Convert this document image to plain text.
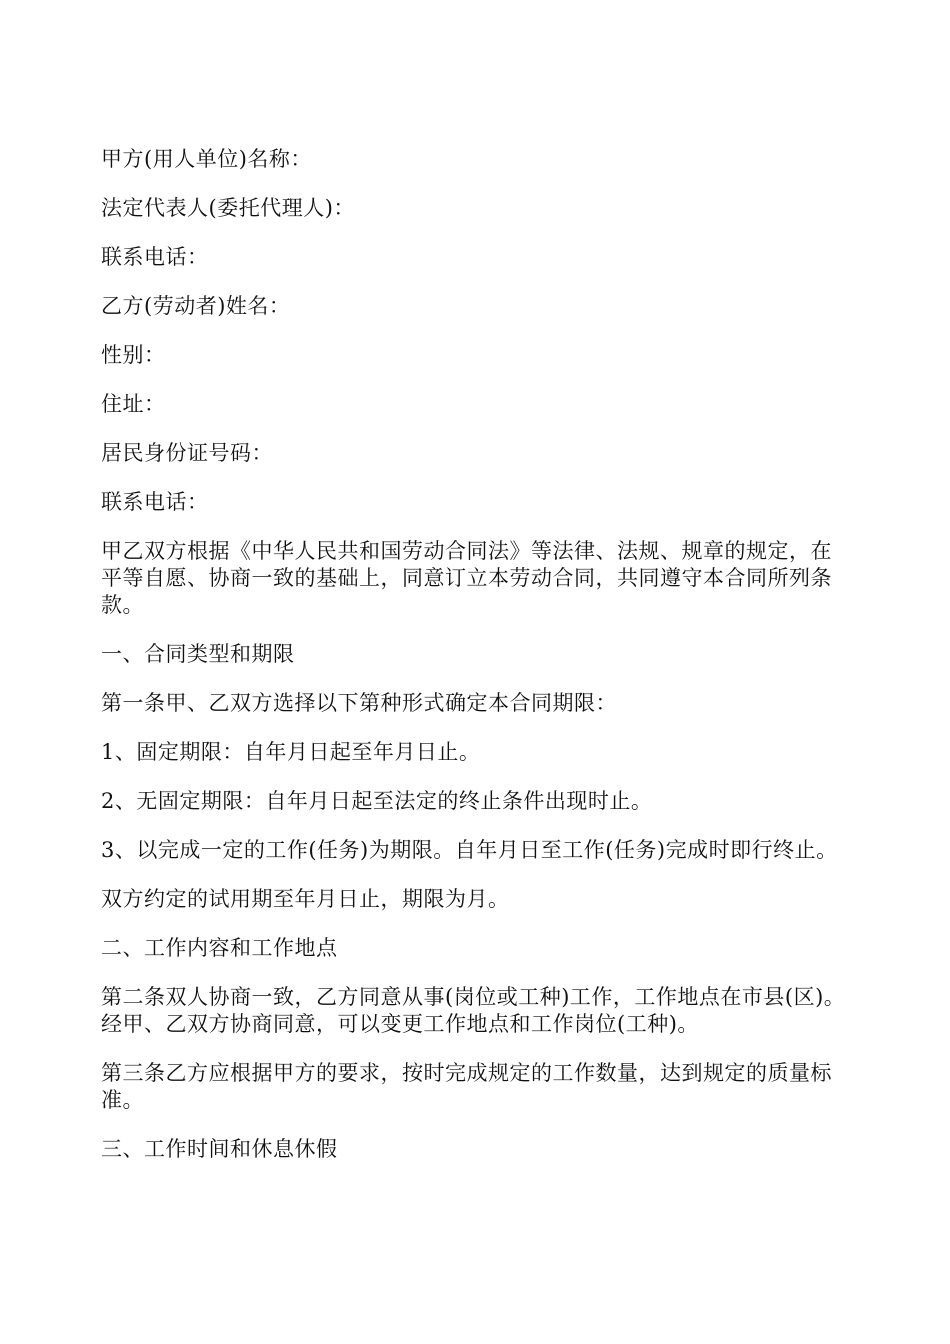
甲方(用人单位)名称：

法定代表人(委托代理人)：

联系电话：

乙方(劳动者)姓名：

性别：

住址：

居民身份证号码：

联系电话：

甲乙双方根据《中华人民共和国劳动合同法》等法律、法规、规章的规定，在平等自愿、协商一致的基础上，同意订立本劳动合同，共同遵守本合同所列条款。

一、合同类型和期限

第一条甲、乙双方选择以下第种形式确定本合同期限：

1、固定期限：自年月日起至年月日止。

2、无固定期限：自年月日起至法定的终止条件出现时止。

3、以完成一定的工作(任务)为期限。自年月日至工作(任务)完成时即行终止。

双方约定的试用期至年月日止，期限为月。

二、工作内容和工作地点

第二条双人协商一致，乙方同意从事(岗位或工种)工作，工作地点在市县(区)。经甲、乙双方协商同意，可以变更工作地点和工作岗位(工种)。

第三条乙方应根据甲方的要求，按时完成规定的工作数量，达到规定的质量标准。

三、工作时间和休息休假
